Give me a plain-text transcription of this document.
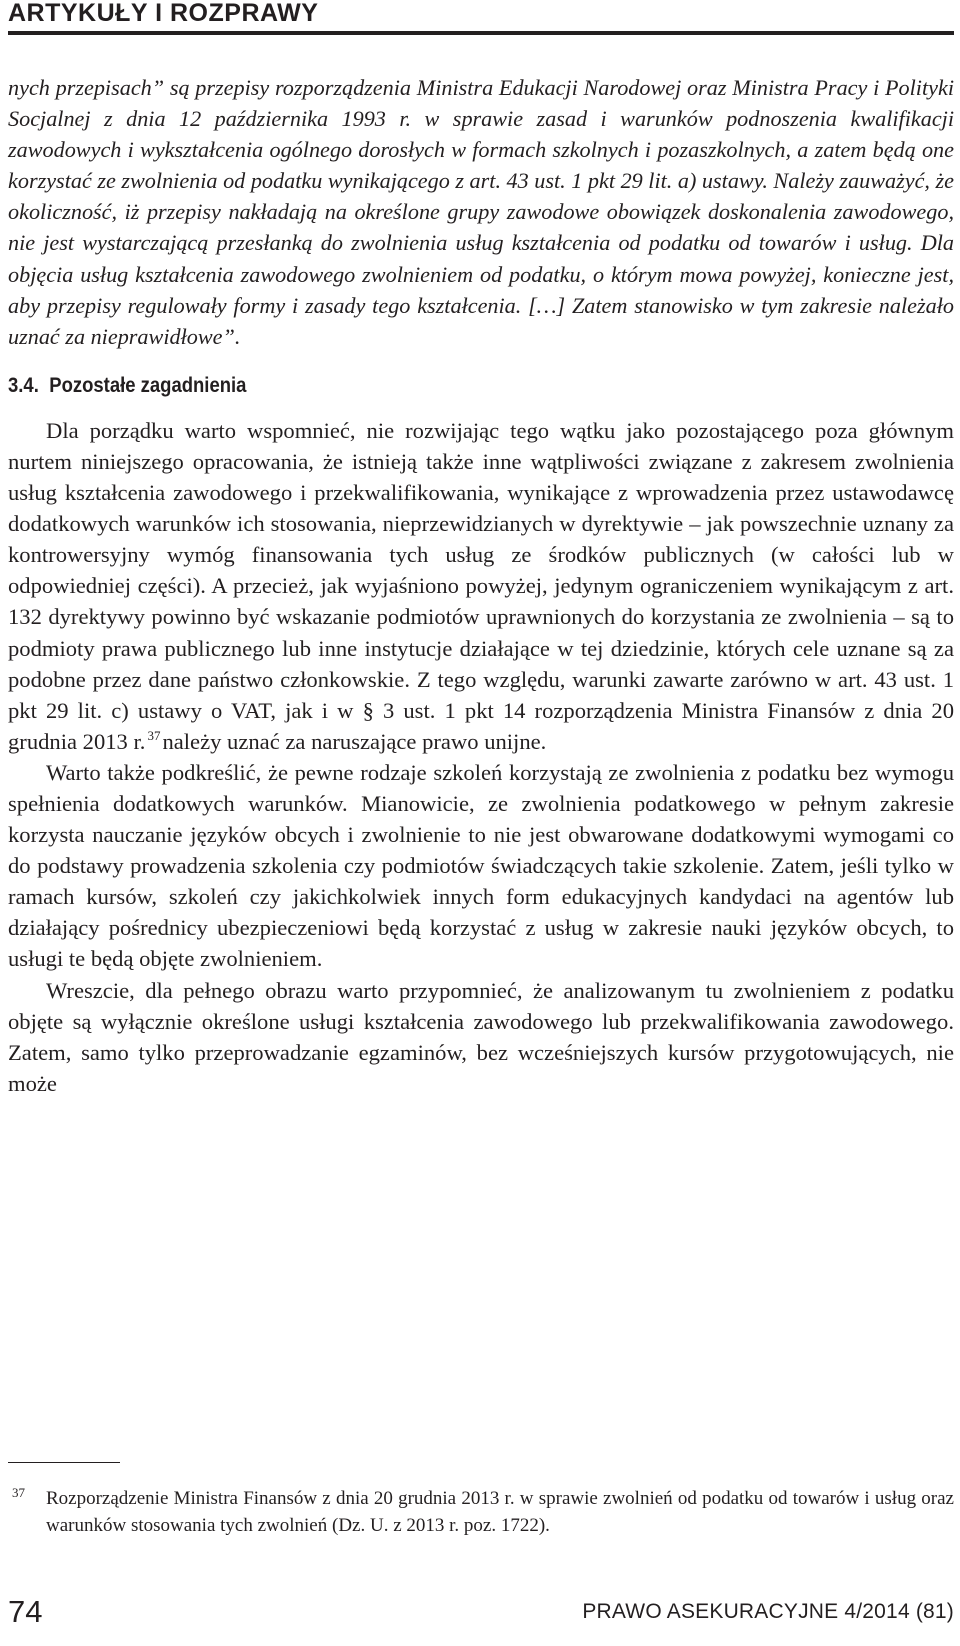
ARTYKUŁY I ROZPRAWY

nych przepisach” są przepisy rozporządzenia Ministra Edukacji Narodowej oraz Ministra Pracy i Polityki Socjalnej z dnia 12 października 1993 r. w sprawie zasad i warunków podnoszenia kwalifikacji zawodowych i wykształcenia ogólnego dorosłych w formach szkolnych i pozaszkolnych, a zatem będą one korzystać ze zwolnienia od podatku wynikającego z art. 43 ust. 1 pkt 29 lit. a) ustawy. Należy zauważyć, że okoliczność, iż przepisy nakładają na określone grupy zawodowe obowiązek doskonalenia zawodowego, nie jest wystarczającą przesłanką do zwolnienia usług kształcenia od podatku od towarów i usług. Dla objęcia usług kształcenia zawodowego zwolnieniem od podatku, o którym mowa powyżej, konieczne jest, aby przepisy regulowały formy i zasady tego kształcenia. […] Zatem stanowisko w tym zakresie należało uznać za nieprawidłowe”.

3.4. Pozostałe zagadnienia

Dla porządku warto wspomnieć, nie rozwijając tego wątku jako pozostającego poza głównym nurtem niniejszego opracowania, że istnieją także inne wątpliwości związane z zakresem zwolnienia usług kształcenia zawodowego i przekwalifikowania, wynikające z wprowadzenia przez ustawodawcę dodatkowych warunków ich stosowania, nieprzewidzianych w dyrektywie – jak powszechnie uznany za kontrowersyjny wymóg finansowania tych usług ze środków publicznych (w całości lub w odpowiedniej części). A przecież, jak wyjaśniono powyżej, jedynym ograniczeniem wynikającym z art. 132 dyrektywy powinno być wskazanie podmiotów uprawnionych do korzystania ze zwolnienia – są to podmioty prawa publicznego lub inne instytucje działające w tej dziedzinie, których cele uznane są za podobne przez dane państwo członkowskie. Z tego względu, warunki zawarte zarówno w art. 43 ust. 1 pkt 29 lit. c) ustawy o VAT, jak i w § 3 ust. 1 pkt 14 rozporządzenia Ministra Finansów z dnia 20 grudnia 2013 r. $^{37}$należy uznać za naruszające prawo unijne.

Warto także podkreślić, że pewne rodzaje szkoleń korzystają ze zwolnienia z podatku bez wymogu spełnienia dodatkowych warunków. Mianowicie, ze zwolnienia podatkowego w pełnym zakresie korzysta nauczanie języków obcych i zwolnienie to nie jest obwarowane dodatkowymi wymogami co do podstawy prowadzenia szkolenia czy podmiotów świadczących takie szkolenie. Zatem, jeśli tylko w ramach kursów, szkoleń czy jakichkolwiek innych form edukacyjnych kandydaci na agentów lub działający pośrednicy ubezpieczeniowi będą korzystać z usług w zakresie nauki języków obcych, to usługi te będą objęte zwolnieniem.

Wreszcie, dla pełnego obrazu warto przypomnieć, że analizowanym tu zwolnieniem z podatku objęte są wyłącznie określone usługi kształcenia zawodowego lub przekwalifikowania zawodowego. Zatem, samo tylko przeprowadzanie egzaminów, bez wcześniejszych kursów przygotowujących, nie może

37	Rozporządzenie Ministra Finansów z dnia 20 grudnia 2013 r. w sprawie zwolnień od podatku od towarów i usług oraz warunków stosowania tych zwolnień (Dz. U. z 2013 r. poz. 1722).
74	PRAWO ASEKURACYJNE 4/2014 (81)
